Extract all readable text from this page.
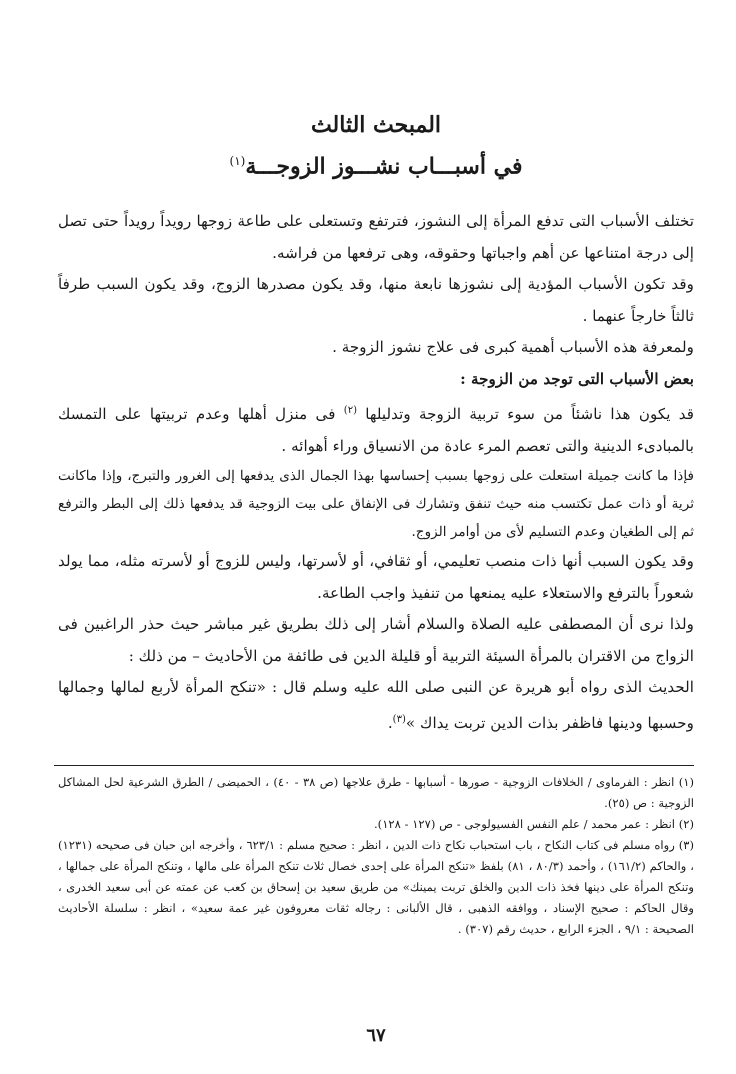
المبحث الثالث
في أسبـــاب نشـــوز الزوجـــة$^{(١)}$

تختلف الأسباب التى تدفع المرأة إلى النشوز، فترتفع وتستعلى على طاعة زوجها رويداً رويداً حتى تصل إلى درجة امتناعها عن أهم واجباتها وحقوقه، وهى ترفعها من فراشه.

وقد تكون الأسباب المؤدية إلى نشوزها نابعة منها، وقد يكون مصدرها الزوج، وقد يكون السبب طرفاً ثالثاً خارجاً عنهما .

ولمعرفة هذه الأسباب أهمية كبرى فى علاج نشوز الزوجة .

بعض الأسباب التى توجد من الزوجة :

قد يكون هذا ناشئاً من سوء تربية الزوجة وتدليلها $^{(٢)}$ فى منزل أهلها وعدم تربيتها على التمسك بالمبادىء الدينية والتى تعصم المرء عادة من الانسياق وراء أهوائه .

فإذا ما كانت جميلة استعلت على زوجها بسبب إحساسها بهذا الجمال الذى يدفعها إلى الغرور والتبرج، وإذا ماكانت ثرية أو ذات عمل تكتسب منه حيث تنفق وتشارك فى الإنفاق على بيت الزوجية قد يدفعها ذلك إلى البطر والترفع ثم إلى الطغيان وعدم التسليم لأى من أوامر الزوج.

وقد يكون السبب أنها ذات منصب تعليمي، أو ثقافي، أو لأسرتها، وليس للزوج أو لأسرته مثله، مما يولد شعوراً بالترفع والاستعلاء عليه يمنعها من تنفيذ واجب الطاعة.

ولذا نرى أن المصطفى عليه الصلاة والسلام أشار إلى ذلك بطريق غير مباشر حيث حذر الراغبين فى الزواج من الاقتران بالمرأة السيئة التربية أو قليلة الدين فى طائفة من الأحاديث – من ذلك :

الحديث الذى رواه أبو هريرة عن النبى صلى الله عليه وسلم قال : «تنكح المرأة لأربع لمالها وجمالها وحسبها ودينها فاظفر بذات الدين تربت يداك »$^{(٣)}$.

(١) انظر : الفرماوى / الخلافات الزوجية - صورها - أسبابها - طرق علاجها (ص ٣٨ - ٤٠) ، الحميضى / الطرق الشرعية لحل المشاكل الزوجية : ص (٢٥).

(٢) انظر : عمر محمد / علم النفس الفسيولوجى - ص (١٢٧ - ١٢٨).

(٣) رواه مسلم فى كتاب النكاح ، باب استحباب نكاح ذات الدين ، انظر : صحيح مسلم : ٦٢٣/١ ، وأخرجه ابن حبان فى صحيحه (١٢٣١) ، والحاكم (١٦١/٢) ، وأحمد (٨٠/٣ ، ٨١) بلفظ «تنكح المرأة على إحدى خصال ثلاث تنكح المرأة على مالها ، وتنكح المرأة على جمالها ، وتنكح المرأة على دينها فخذ ذات الدين والخلق تربت يمينك» من طريق سعيد بن إسحاق بن كعب عن عمته عن أبى سعيد الخدرى ، وقال الحاكم : صحيح الإسناد ، ووافقه الذهبى ، قال الألبانى : رجاله ثقات معروفون غير عمة سعيد» ، انظر : سلسلة الأحاديث الصحيحة : ٩/١ ، الجزء الرابع ، حديث رقم (٣٠٧) .

٦٧
